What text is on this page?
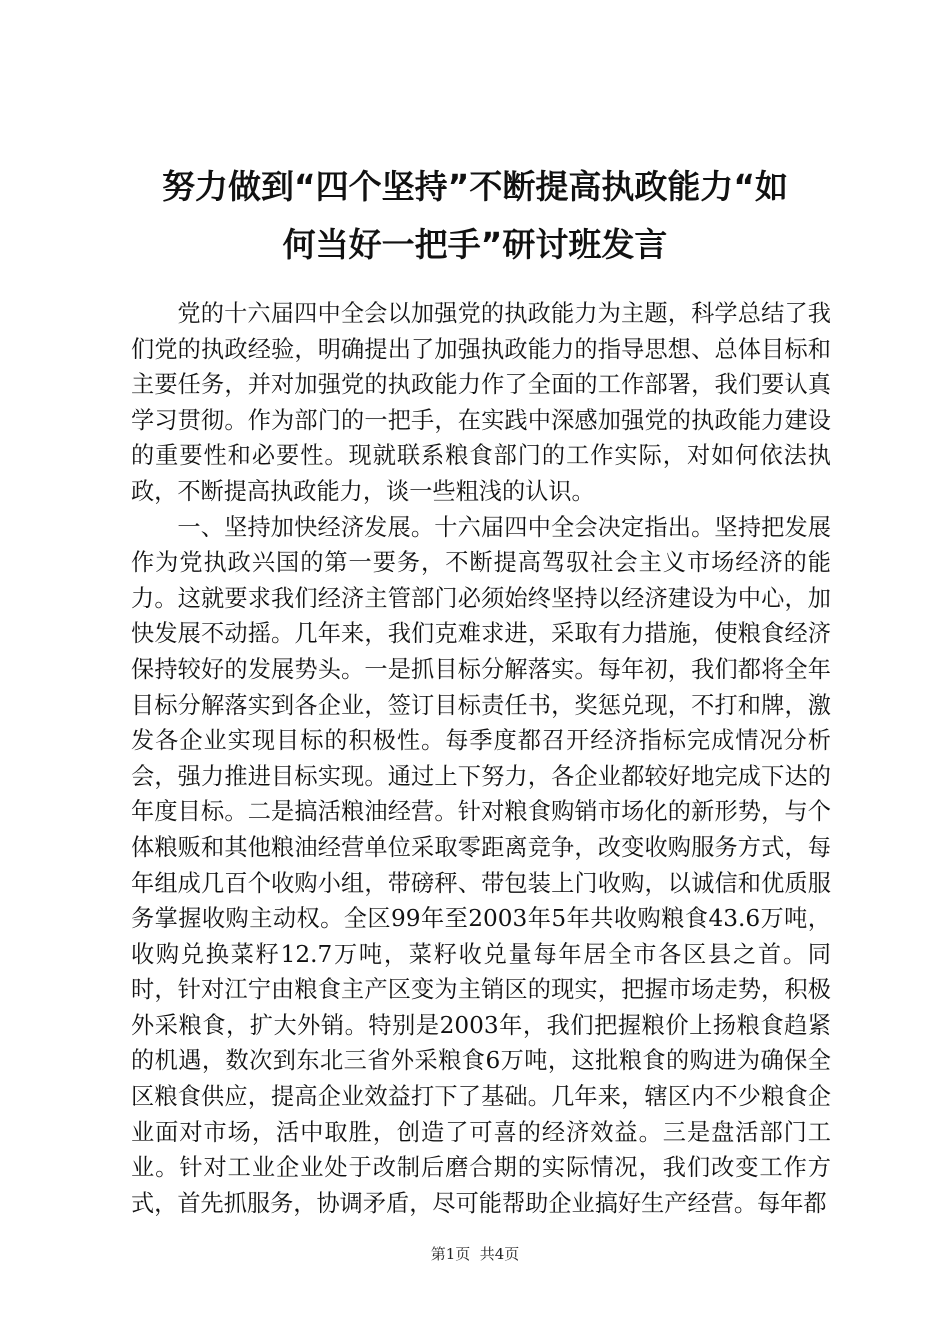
努力做到“四个坚持”不断提高执政能力“如
何当好一把手”研讨班发言

党的十六届四中全会以加强党的执政能力为主题，科学总结了我们党的执政经验，明确提出了加强执政能力的指导思想、总体目标和主要任务，并对加强党的执政能力作了全面的工作部署，我们要认真学习贯彻。作为部门的一把手，在实践中深感加强党的执政能力建设的重要性和必要性。现就联系粮食部门的工作实际，对如何依法执政，不断提高执政能力，谈一些粗浅的认识。

一、坚持加快经济发展。十六届四中全会决定指出。坚持把发展作为党执政兴国的第一要务，不断提高驾驭社会主义市场经济的能力。这就要求我们经济主管部门必须始终坚持以经济建设为中心，加快发展不动摇。几年来，我们克难求进，采取有力措施，使粮食经济保持较好的发展势头。一是抓目标分解落实。每年初，我们都将全年目标分解落实到各企业，签订目标责任书，奖惩兑现，不打和牌，激发各企业实现目标的积极性。每季度都召开经济指标完成情况分析会，强力推进目标实现。通过上下努力，各企业都较好地完成下达的年度目标。二是搞活粮油经营。针对粮食购销市场化的新形势，与个体粮贩和其他粮油经营单位采取零距离竞争，改变收购服务方式，每年组成几百个收购小组，带磅秤、带包装上门收购，以诚信和优质服务掌握收购主动权。全区99年至2003年5年共收购粮食43.6万吨，收购兑换菜籽12.7万吨，菜籽收兑量每年居全市各区县之首。同时，针对江宁由粮食主产区变为主销区的现实，把握市场走势，积极外采粮食，扩大外销。特别是2003年，我们把握粮价上扬粮食趋紧的机遇，数次到东北三省外采粮食6万吨，这批粮食的购进为确保全区粮食供应，提高企业效益打下了基础。几年来，辖区内不少粮食企业面对市场，活中取胜，创造了可喜的经济效益。三是盘活部门工业。针对工业企业处于改制后磨合期的实际情况，我们改变工作方式，首先抓服务，协调矛盾，尽可能帮助企业搞好生产经营。每年都

第1页  共4页
